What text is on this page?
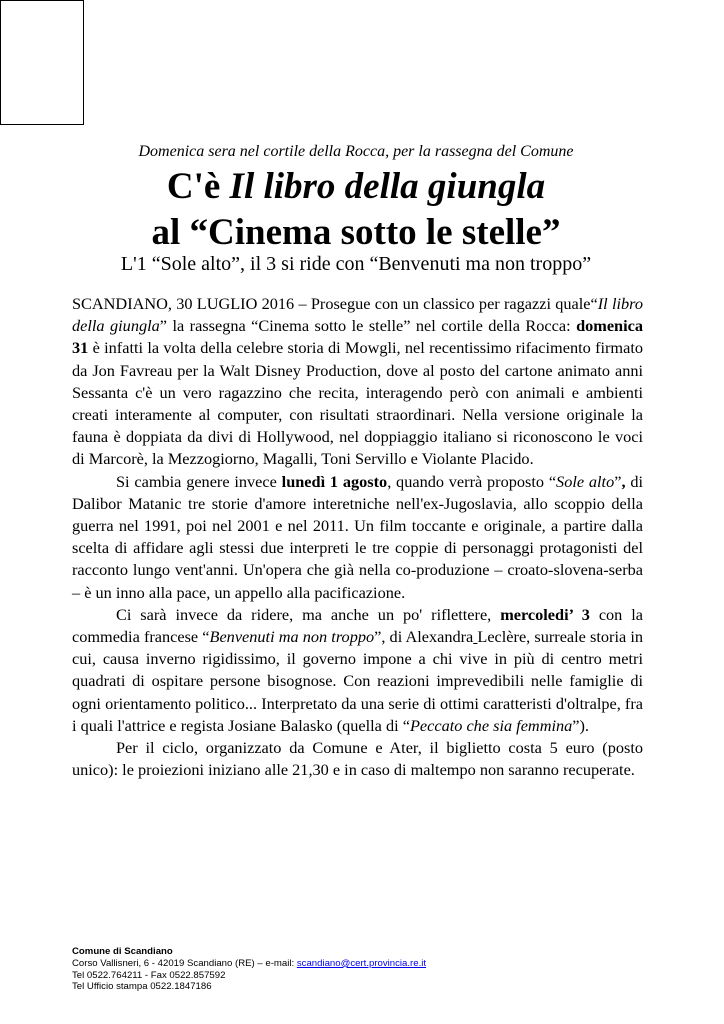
Domenica sera nel cortile della Rocca, per la rassegna del Comune
C'è Il libro della giungla
al “Cinema sotto le stelle”
L'1 “Sole alto”, il 3 si ride con “Benvenuti ma non troppo”

SCANDIANO, 30 LUGLIO 2016 – Prosegue con un classico per ragazzi quale“Il libro della giungla” la rassegna “Cinema sotto le stelle” nel cortile della Rocca: domenica 31 è infatti la volta della celebre storia di Mowgli, nel recentissimo rifacimento firmato da Jon Favreau per la Walt Disney Production, dove al posto del cartone animato anni Sessanta c'è un vero ragazzino che recita, interagendo però con animali e ambienti creati interamente al computer, con risultati straordinari. Nella versione originale la fauna è doppiata da divi di Hollywood, nel doppiaggio italiano si riconoscono le voci di Marcorè, la Mezzogiorno, Magalli, Toni Servillo e Violante Placido.

Si cambia genere invece lunedì 1 agosto, quando verrà proposto “Sole alto”, di Dalibor Matanic tre storie d'amore interetniche nell'ex-Jugoslavia, allo scoppio della guerra nel 1991, poi nel 2001 e nel 2011. Un film toccante e originale, a partire dalla scelta di affidare agli stessi due interpreti le tre coppie di personaggi protagonisti del racconto lungo vent'anni. Un'opera che già nella co-produzione – croato-slovena-serba – è un inno alla pace, un appello alla pacificazione.

Ci sarà invece da ridere, ma anche un po' riflettere, mercoledi’ 3 con la commedia francese “Benvenuti ma non troppo”, di Alexandra Leclère, surreale storia in cui, causa inverno rigidissimo, il governo impone a chi vive in più di centro metri quadrati di ospitare persone bisognose. Con reazioni imprevedibili nelle famiglie di ogni orientamento politico... Interpretato da una serie di ottimi caratteristi d'oltralpe, fra i quali l'attrice e regista Josiane Balasko (quella di “Peccato che sia femmina”).

Per il ciclo, organizzato da Comune e Ater, il biglietto costa 5 euro (posto unico): le proiezioni iniziano alle 21,30 e in caso di maltempo non saranno recuperate.

Comune di Scandiano
Corso Vallisneri, 6 - 42019 Scandiano (RE) – e-mail: scandiano@cert.provincia.re.it
Tel 0522.764211 - Fax 0522.857592
Tel Ufficio stampa 0522.1847186
